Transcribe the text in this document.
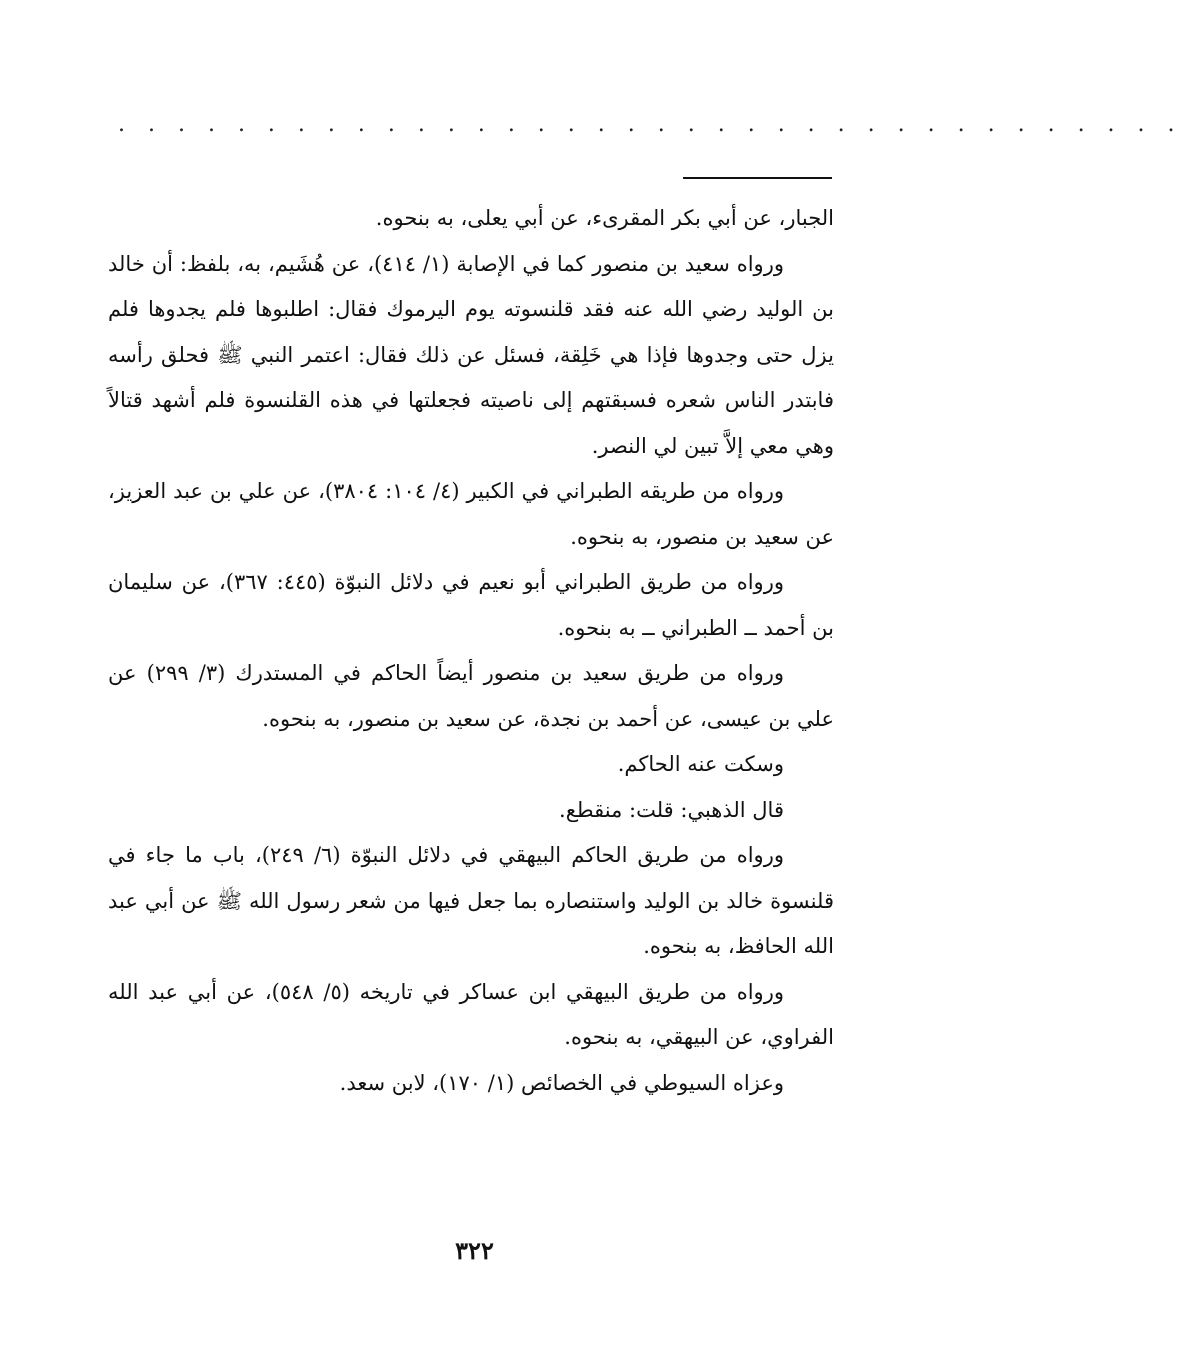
. . . . . . . . . . . . . . . . . . . . . . . . . . . . . . . . . . . .

الجبار، عن أبي بكر المقرىء، عن أبي يعلى، به بنحوه.

ورواه سعيد بن منصور كما في الإصابة (١/ ٤١٤)، عن هُشَيم، به، بلفظ: أن خالد بن الوليد رضي الله عنه فقد قلنسوته يوم اليرموك فقال: اطلبوها فلم يجدوها فلم يزل حتى وجدوها فإذا هي خَلِقة، فسئل عن ذلك فقال: اعتمر النبي ﷺ فحلق رأسه فابتدر الناس شعره فسبقتهم إلى ناصيته فجعلتها في هذه القلنسوة فلم أشهد قتالاً وهي معي إلاَّ تبين لي النصر.

ورواه من طريقه الطبراني في الكبير (٤/ ١٠٤: ٣٨٠٤)، عن علي بن عبد العزيز، عن سعيد بن منصور، به بنحوه.

ورواه من طريق الطبراني أبو نعيم في دلائل النبوّة (٤٤٥: ٣٦٧)، عن سليمان بن أحمد ــ الطبراني ــ به بنحوه.

ورواه من طريق سعيد بن منصور أيضاً الحاكم في المستدرك (٣/ ٢٩٩) عن علي بن عيسى، عن أحمد بن نجدة، عن سعيد بن منصور، به بنحوه.

وسكت عنه الحاكم.

قال الذهبي: قلت: منقطع.

ورواه من طريق الحاكم البيهقي في دلائل النبوّة (٦/ ٢٤٩)، باب ما جاء في قلنسوة خالد بن الوليد واستنصاره بما جعل فيها من شعر رسول الله ﷺ عن أبي عبد الله الحافظ، به بنحوه.

ورواه من طريق البيهقي ابن عساكر في تاريخه (٥/ ٥٤٨)، عن أبي عبد الله الفراوي، عن البيهقي، به بنحوه.

وعزاه السيوطي في الخصائص (١/ ١٧٠)، لابن سعد.

٣٢٢
